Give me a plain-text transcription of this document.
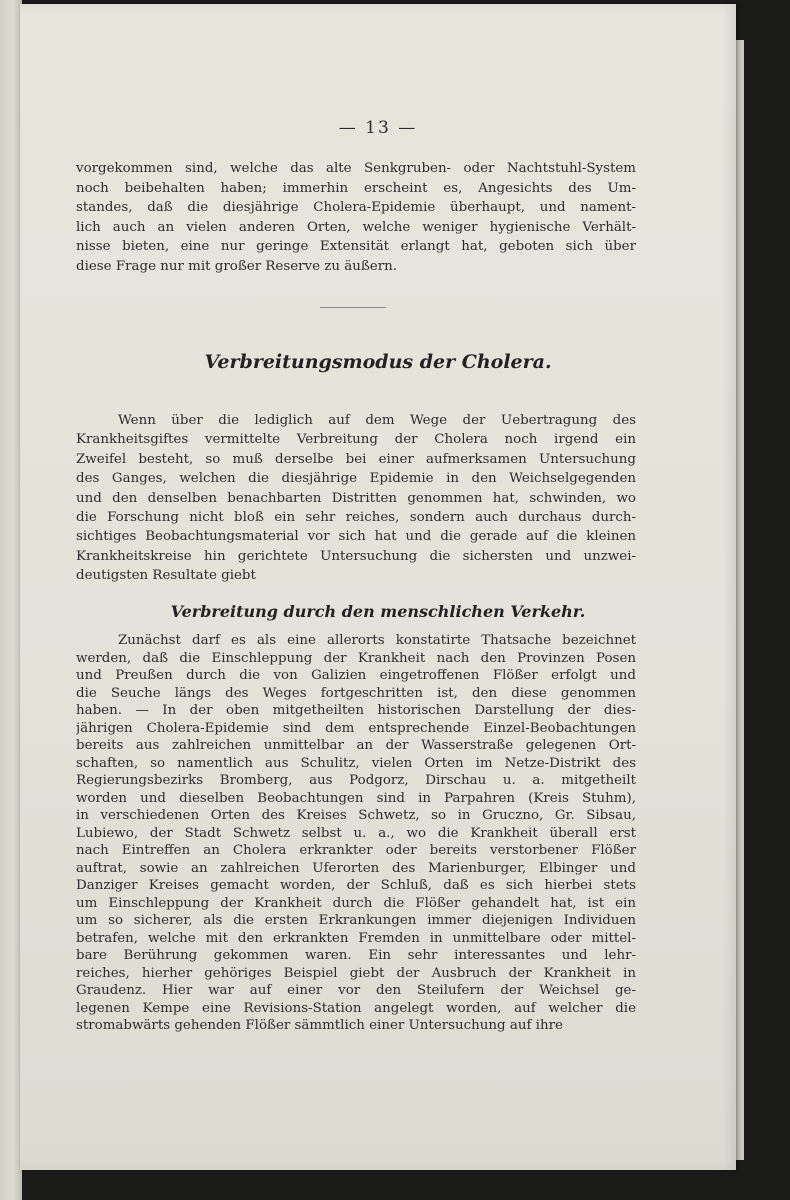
— 13 —
vorgekommen sind, welche das alte Senkgruben- oder Nachtstuhl-System
noch beibehalten haben; immerhin erscheint es, Angesichts des Um-
standes, daß die diesjährige Cholera-Epidemie überhaupt, und nament-
lich auch an vielen anderen Orten, welche weniger hygienische Verhält-
nisse bieten, eine nur geringe Extensität erlangt hat, geboten sich über
diese Frage nur mit großer Reserve zu äußern.
Verbreitungsmodus der Cholera.
Wenn über die lediglich auf dem Wege der Uebertragung des
Krankheitsgiftes vermittelte Verbreitung der Cholera noch irgend ein
Zweifel besteht, so muß derselbe bei einer aufmerksamen Untersuchung
des Ganges, welchen die diesjährige Epidemie in den Weichselgegenden
und den denselben benachbarten Distritten genommen hat, schwinden, wo
die Forschung nicht bloß ein sehr reiches, sondern auch durchaus durch-
sichtiges Beobachtungsmaterial vor sich hat und die gerade auf die kleinen
Krankheitskreise hin gerichtete Untersuchung die sichersten und unzwei-
deutigsten Resultate giebt
Verbreitung durch den menschlichen Verkehr.
Zunächst darf es als eine allerorts konstatirte Thatsache bezeichnet
werden, daß die Einschleppung der Krankheit nach den Provinzen Posen
und Preußen durch die von Galizien eingetroffenen Flößer erfolgt und
die Seuche längs des Weges fortgeschritten ist, den diese genommen
haben. — In der oben mitgetheilten historischen Darstellung der dies-
jährigen Cholera-Epidemie sind dem entsprechende Einzel-Beobachtungen
bereits aus zahlreichen unmittelbar an der Wasserstraße gelegenen Ort-
schaften, so namentlich aus Schulitz, vielen Orten im Netze-Distrikt des
Regierungsbezirks Bromberg, aus Podgorz, Dirschau u. a. mitgetheilt
worden und dieselben Beobachtungen sind in Parpahren (Kreis Stuhm),
in verschiedenen Orten des Kreises Schwetz, so in Gruczno, Gr. Sibsau,
Lubiewo, der Stadt Schwetz selbst u. a., wo die Krankheit überall erst
nach Eintreffen an Cholera erkrankter oder bereits verstorbener Flößer
auftrat, sowie an zahlreichen Uferorten des Marienburger, Elbinger und
Danziger Kreises gemacht worden, der Schluß, daß es sich hierbei stets
um Einschleppung der Krankheit durch die Flößer gehandelt hat, ist ein
um so sicherer, als die ersten Erkrankungen immer diejenigen Individuen
betrafen, welche mit den erkrankten Fremden in unmittelbare oder mittel-
bare Berührung gekommen waren. Ein sehr interessantes und lehr-
reiches, hierher gehöriges Beispiel giebt der Ausbruch der Krankheit in
Graudenz. Hier war auf einer vor den Steilufern der Weichsel ge-
legenen Kempe eine Revisions-Station angelegt worden, auf welcher die
stromabwärts gehenden Flößer sämmtlich einer Untersuchung auf ihre
